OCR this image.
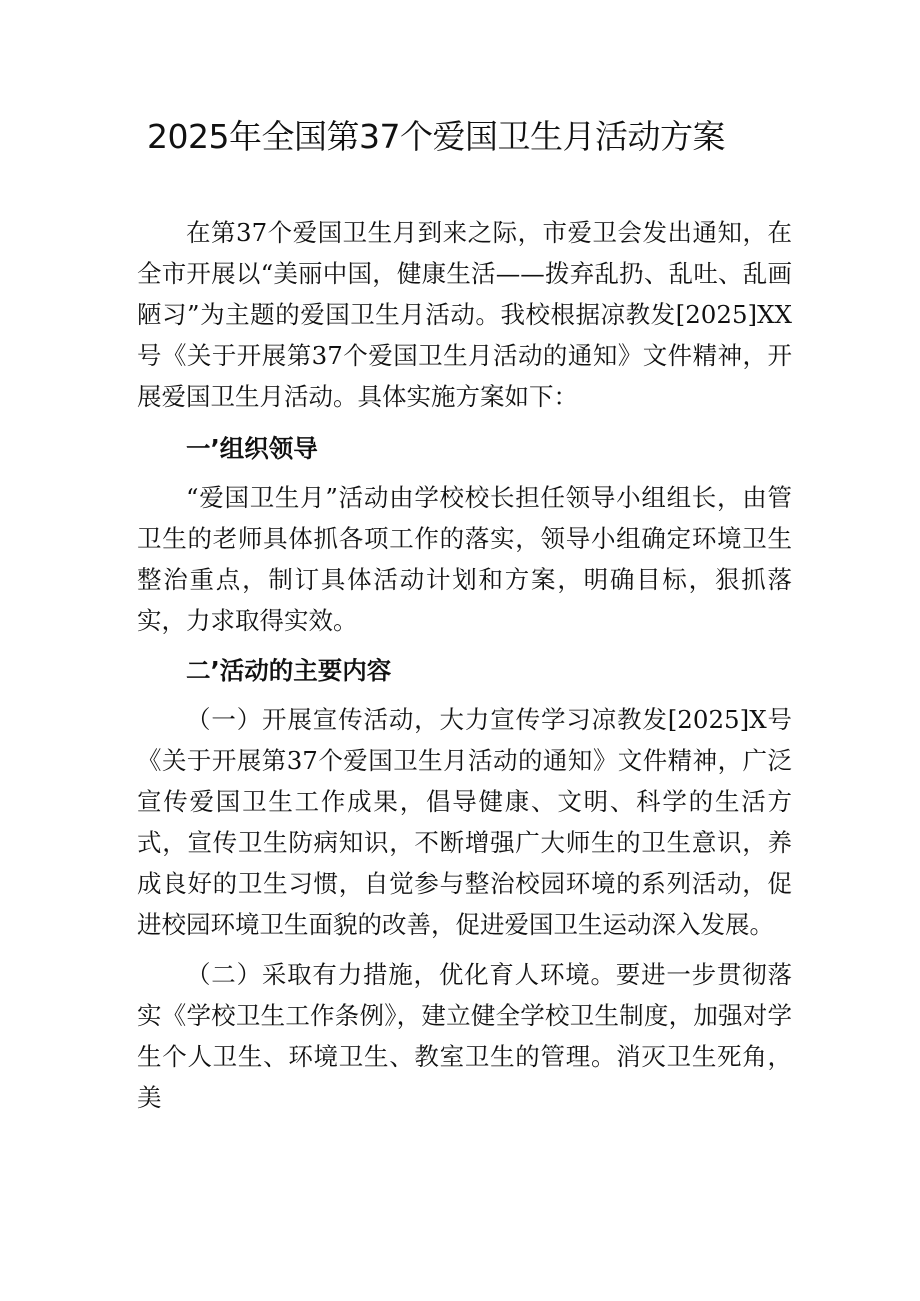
2025年全国第37个爱国卫生月活动方案

在第37个爱国卫生月到来之际，市爱卫会发出通知，在全市开展以“美丽中国，健康生活——拨弃乱扔、乱吐、乱画陋习”为主题的爱国卫生月活动。我校根据凉教发[2025]XX号《关于开展第37个爱国卫生月活动的通知》文件精神，开展爱国卫生月活动。具体实施方案如下：

一’组织领导

“爱国卫生月”活动由学校校长担任领导小组组长，由管卫生的老师具体抓各项工作的落实，领导小组确定环境卫生整治重点，制订具体活动计划和方案，明确目标，狠抓落实，力求取得实效。

二’活动的主要内容

（一）开展宣传活动，大力宣传学习凉教发[2025]X号《关于开展第37个爱国卫生月活动的通知》文件精神，广泛宣传爱国卫生工作成果，倡导健康、文明、科学的生活方式，宣传卫生防病知识，不断增强广大师生的卫生意识，养成良好的卫生习惯，自觉参与整治校园环境的系列活动，促进校园环境卫生面貌的改善，促进爱国卫生运动深入发展。

（二）采取有力措施，优化育人环境。要进一步贯彻落实《学校卫生工作条例》，建立健全学校卫生制度，加强对学生个人卫生、环境卫生、教室卫生的管理。消灭卫生死角，美
